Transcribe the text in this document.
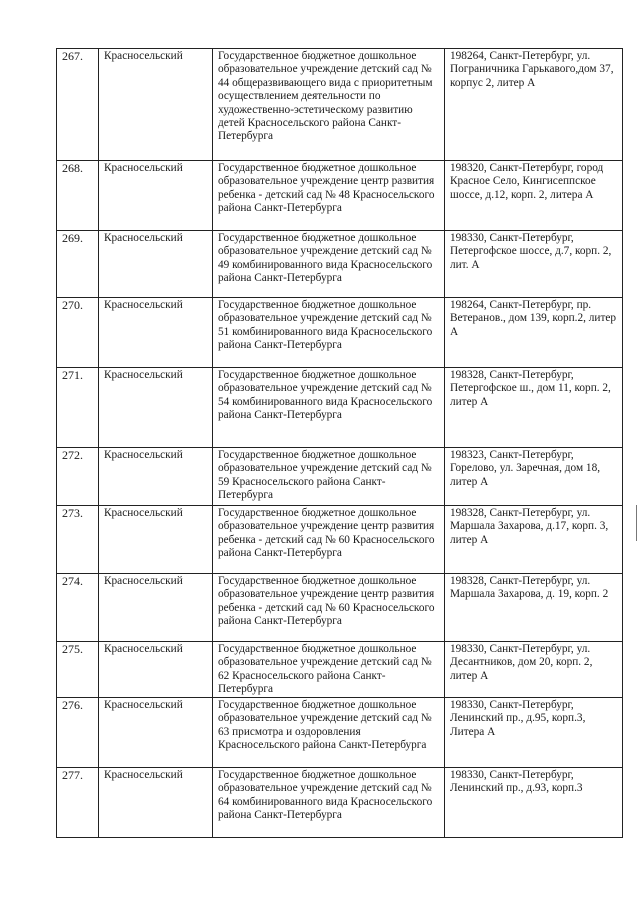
267.	Красносельский	Государственное бюджетное дошкольное образовательное учреждение детский сад № 44 общеразвивающего вида с приоритетным осуществлением деятельности по художественно-эстетическому развитию детей Красносельского района Санкт-Петербурга	198264, Санкт-Петербург, ул. Пограничника Гарькавого,дом 37, корпус 2, литер А
268.	Красносельский	Государственное бюджетное дошкольное образовательное учреждение центр развития ребенка - детский сад № 48 Красносельского района Санкт-Петербурга	198320, Санкт-Петербург, город Красное Село, Кингисеппское шоссе, д.12, корп. 2, литера А
269.	Красносельский	Государственное бюджетное дошкольное образовательное учреждение детский сад № 49 комбинированного вида Красносельского района Санкт-Петербурга	198330, Санкт-Петербург, Петергофское шоссе, д.7, корп. 2, лит. А
270.	Красносельский	Государственное бюджетное дошкольное образовательное учреждение детский сад № 51 комбинированного вида Красносельского района Санкт-Петербурга	198264, Санкт-Петербург, пр. Ветеранов., дом 139, корп.2, литер А
271.	Красносельский	Государственное бюджетное дошкольное образовательное учреждение детский сад № 54 комбинированного вида Красносельского района Санкт-Петербурга	198328, Санкт-Петербург, Петергофское ш., дом 11, корп. 2, литер А
272.	Красносельский	Государственное бюджетное дошкольное образовательное учреждение детский сад № 59 Красносельского района Санкт-Петербурга	198323, Санкт-Петербург, Горелово, ул. Заречная, дом 18, литер А
273.	Красносельский	Государственное бюджетное дошкольное образовательное учреждение центр развития ребенка - детский сад № 60 Красносельского района Санкт-Петербурга	198328, Санкт-Петербург, ул. Маршала Захарова, д.17, корп. 3, литер А
274.	Красносельский	Государственное бюджетное дошкольное образовательное учреждение центр развития ребенка - детский сад № 60 Красносельского района Санкт-Петербурга	198328, Санкт-Петербург, ул. Маршала Захарова, д. 19, корп. 2
275.	Красносельский	Государственное бюджетное дошкольное образовательное учреждение детский сад № 62 Красносельского района Санкт-Петербурга	198330, Санкт-Петербург, ул. Десантников, дом 20, корп. 2, литер А
276.	Красносельский	Государственное бюджетное дошкольное образовательное учреждение детский сад № 63 присмотра и оздоровления Красносельского района Санкт-Петербурга	198330, Санкт-Петербург, Ленинский пр., д.95, корп.3, Литера А
277.	Красносельский	Государственное бюджетное дошкольное образовательное учреждение детский сад № 64 комбинированного вида Красносельского района Санкт-Петербурга	198330, Санкт-Петербург, Ленинский пр., д.93, корп.3
